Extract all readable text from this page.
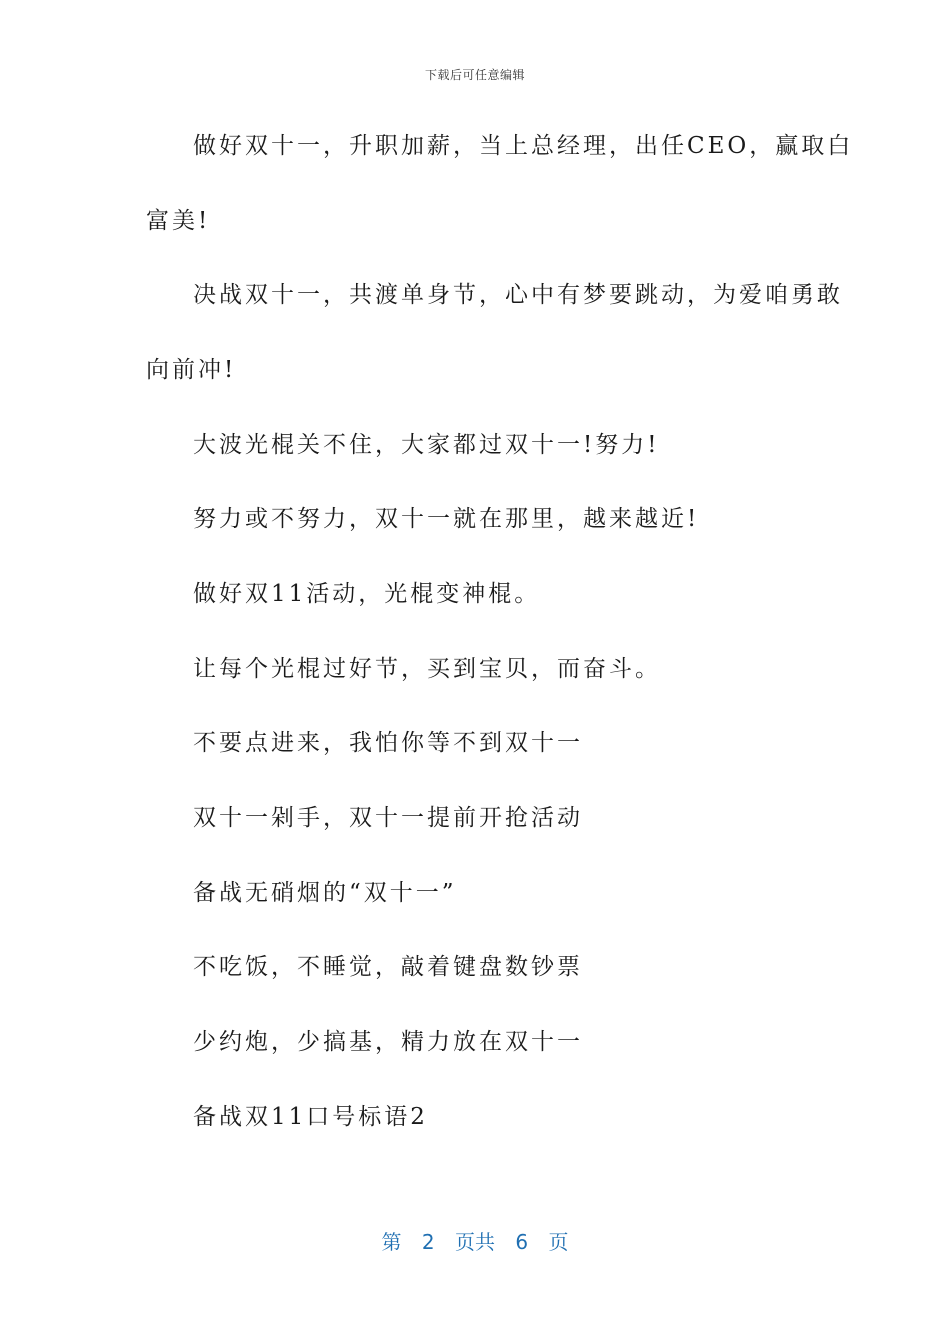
下载后可任意编辑
做好双十一，升职加薪，当上总经理，出任CEO，赢取白
富美!
决战双十一，共渡单身节，心中有梦要跳动，为爱咱勇敢
向前冲!
大波光棍关不住，大家都过双十一!努力!
努力或不努力，双十一就在那里，越来越近!
做好双11活动，光棍变神棍。
让每个光棍过好节，买到宝贝，而奋斗。
不要点进来，我怕你等不到双十一
双十一剁手，双十一提前开抢活动
备战无硝烟的“双十一”
不吃饭，不睡觉，敲着键盘数钞票
少约炮，少搞基，精力放在双十一
备战双11口号标语2
第 2 页共 6 页
